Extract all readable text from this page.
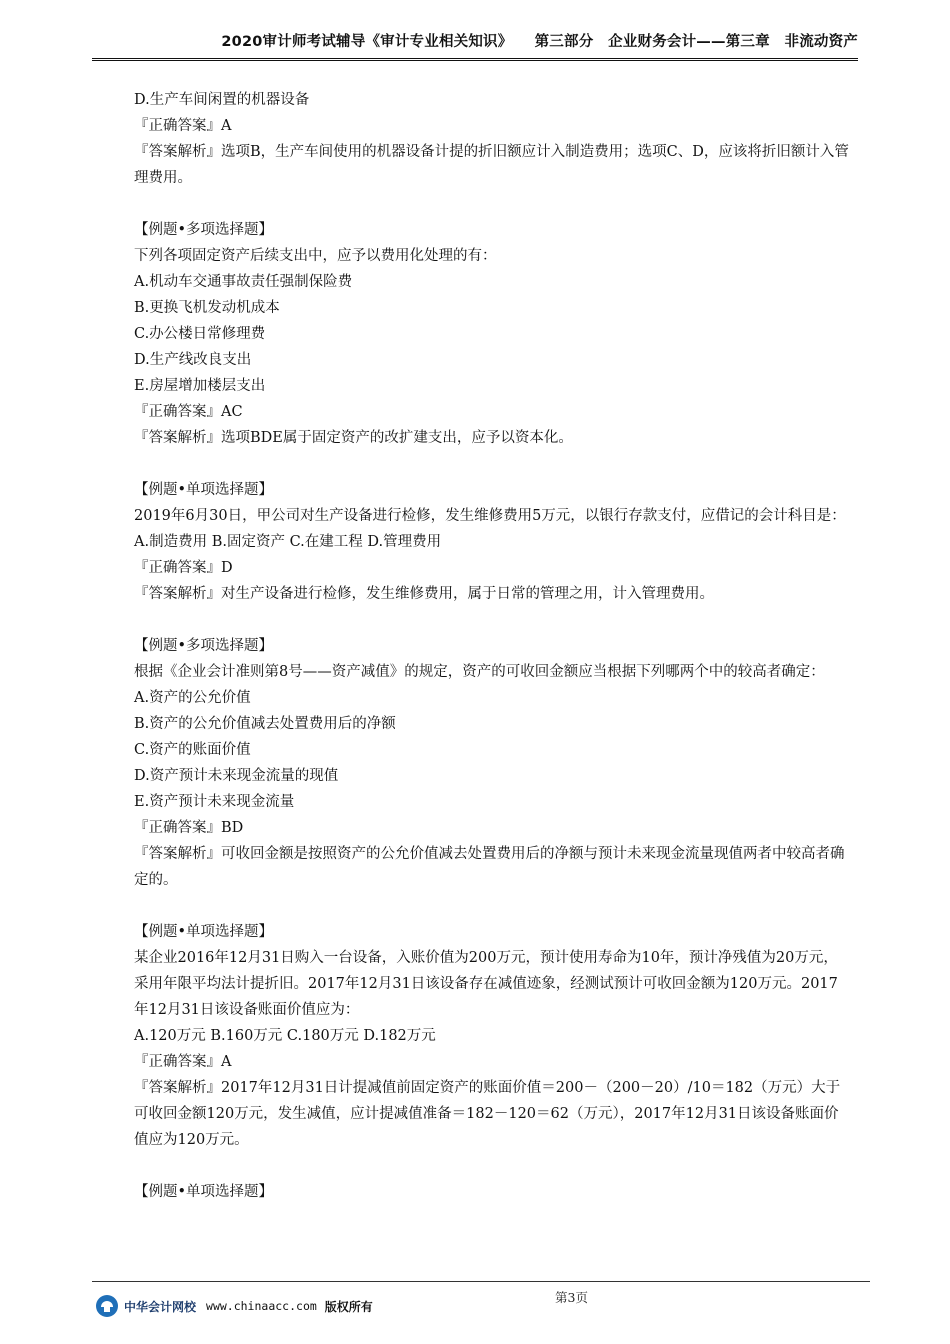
2020审计师考试辅导《审计专业相关知识》　　第三部分　企业财务会计——第三章　非流动资产

D.生产车间闲置的机器设备

『正确答案』A

『答案解析』选项B，生产车间使用的机器设备计提的折旧额应计入制造费用；选项C、D，应该将折旧额计入管理费用。

【例题•多项选择题】

下列各项固定资产后续支出中，应予以费用化处理的有：

A.机动车交通事故责任强制保险费

B.更换飞机发动机成本

C.办公楼日常修理费

D.生产线改良支出

E.房屋增加楼层支出

『正确答案』AC

『答案解析』选项BDE属于固定资产的改扩建支出，应予以资本化。

【例题•单项选择题】

2019年6月30日，甲公司对生产设备进行检修，发生维修费用5万元，以银行存款支付，应借记的会计科目是：

A.制造费用 B.固定资产 C.在建工程 D.管理费用

『正确答案』D

『答案解析』对生产设备进行检修，发生维修费用，属于日常的管理之用，计入管理费用。

【例题•多项选择题】

根据《企业会计准则第8号——资产减值》的规定，资产的可收回金额应当根据下列哪两个中的较高者确定：

A.资产的公允价值

B.资产的公允价值减去处置费用后的净额

C.资产的账面价值

D.资产预计未来现金流量的现值

E.资产预计未来现金流量

『正确答案』BD

『答案解析』可收回金额是按照资产的公允价值减去处置费用后的净额与预计未来现金流量现值两者中较高者确定的。

【例题•单项选择题】

某企业2016年12月31日购入一台设备，入账价值为200万元，预计使用寿命为10年，预计净残值为20万元，采用年限平均法计提折旧。2017年12月31日该设备存在减值迹象，经测试预计可收回金额为120万元。2017年12月31日该设备账面价值应为：

A.120万元 B.160万元 C.180万元 D.182万元

『正确答案』A

『答案解析』2017年12月31日计提减值前固定资产的账面价值＝200－（200－20）/10＝182（万元）大于可收回金额120万元，发生减值，应计提减值准备＝182－120＝62（万元），2017年12月31日该设备账面价值应为120万元。

【例题•单项选择题】

中华会计网校 www.chinaacc.com 版权所有
第3页
